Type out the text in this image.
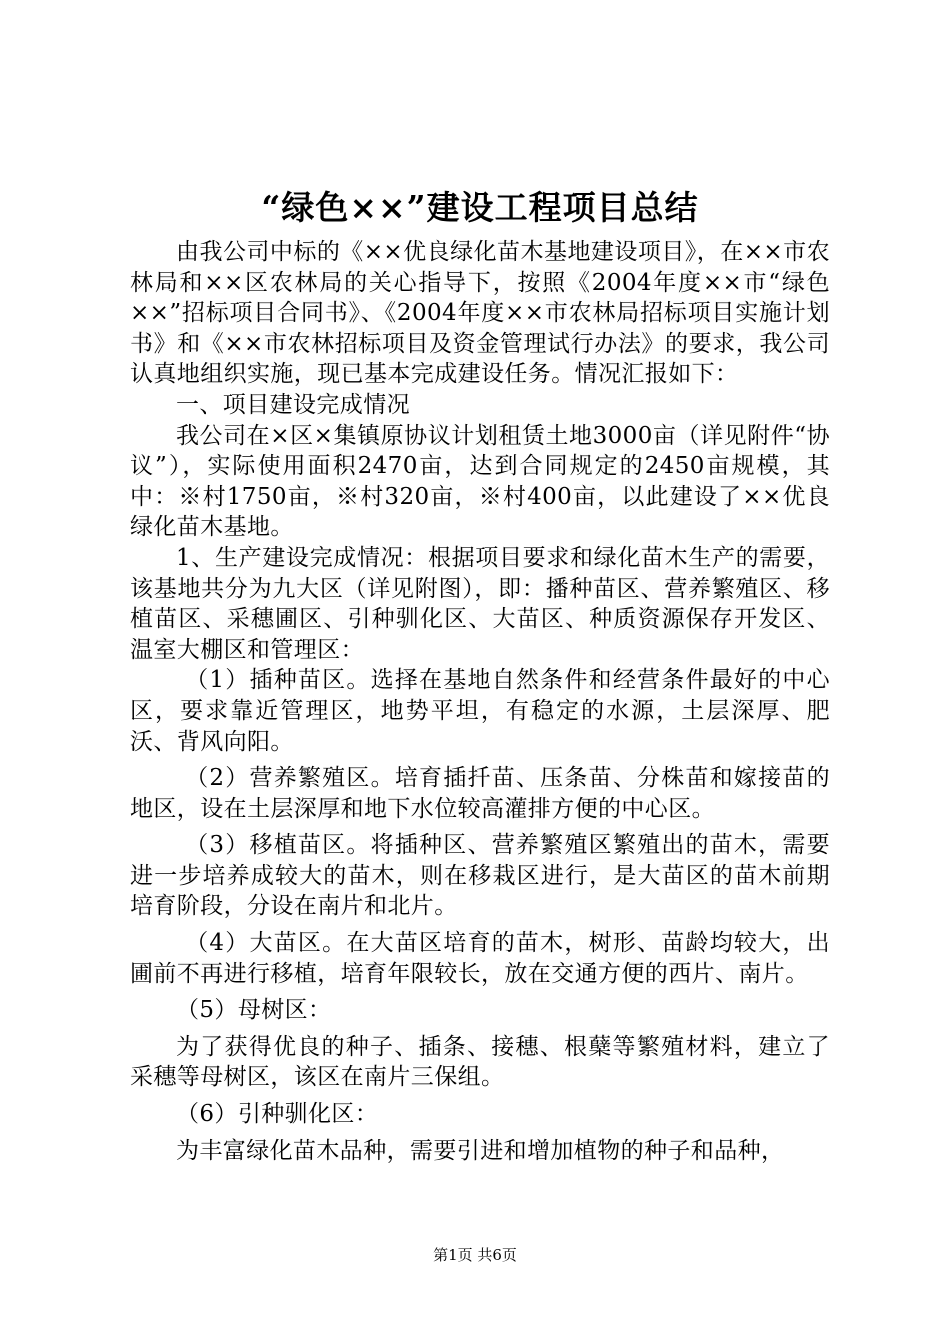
“绿色××”建设工程项目总结

由我公司中标的《××优良绿化苗木基地建设项目》，在××市农林局和××区农林局的关心指导下，按照《2004年度××市“绿色××”招标项目合同书》、《2004年度××市农林局招标项目实施计划书》和《××市农林招标项目及资金管理试行办法》的要求，我公司认真地组织实施，现已基本完成建设任务。情况汇报如下：

一、项目建设完成情况

我公司在×区×集镇原协议计划租赁土地3000亩（详见附件“协议”），实际使用面积2470亩，达到合同规定的2450亩规模，其中：※村1750亩，※村320亩，※村400亩，以此建设了××优良绿化苗木基地。

1、生产建设完成情况：根据项目要求和绿化苗木生产的需要，该基地共分为九大区（详见附图），即：播种苗区、营养繁殖区、移植苗区、采穗圃区、引种驯化区、大苗区、种质资源保存开发区、温室大棚区和管理区：

（1）插种苗区。选择在基地自然条件和经营条件最好的中心区，要求靠近管理区，地势平坦，有稳定的水源，土层深厚、肥沃、背风向阳。

（2）营养繁殖区。培育插扦苗、压条苗、分株苗和嫁接苗的地区，设在土层深厚和地下水位较高灌排方便的中心区。

（3）移植苗区。将插种区、营养繁殖区繁殖出的苗木，需要进一步培养成较大的苗木，则在移栽区进行，是大苗区的苗木前期培育阶段，分设在南片和北片。

（4）大苗区。在大苗区培育的苗木，树形、苗龄均较大，出圃前不再进行移植，培育年限较长，放在交通方便的西片、南片。

（5）母树区：

为了获得优良的种子、插条、接穗、根蘖等繁殖材料，建立了采穗等母树区，该区在南片三保组。

（6）引种驯化区：

为丰富绿化苗木品种，需要引进和增加植物的种子和品种，

第1页 共6页
